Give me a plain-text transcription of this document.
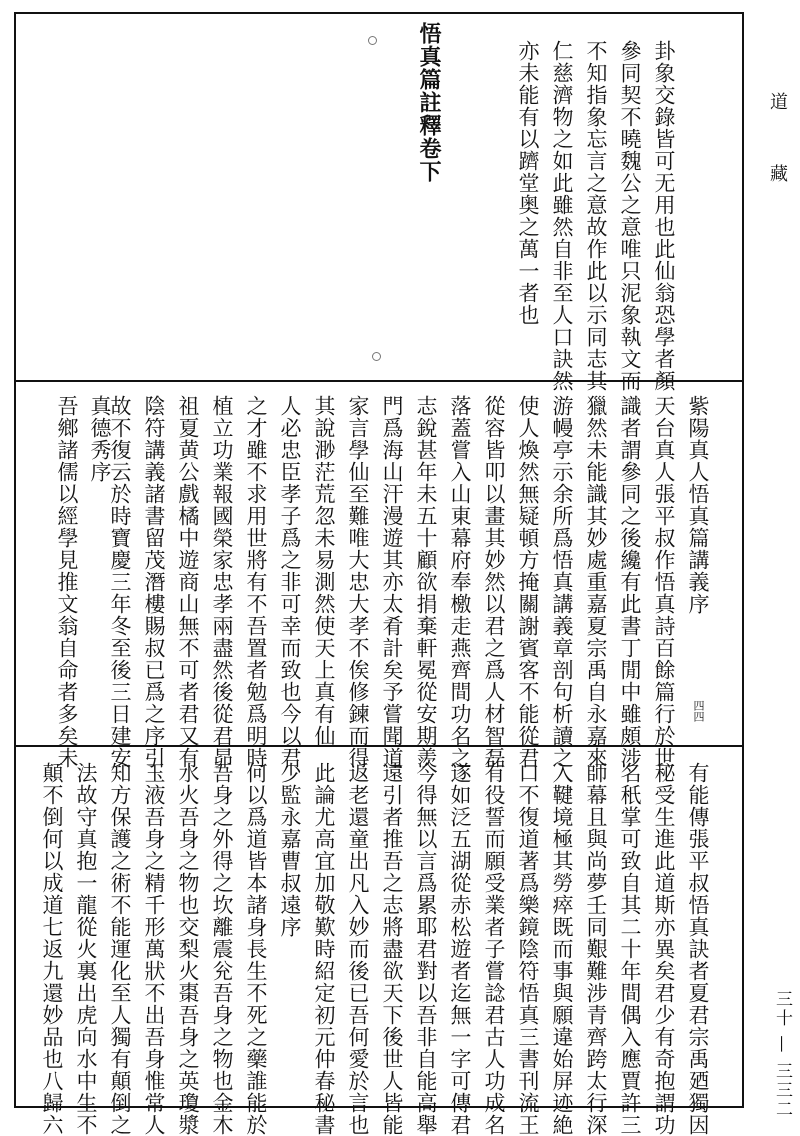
道　藏
三十 — 三三二
卦象交錄皆可无用也此仙翁恐學者顏
參同契不曉魏公之意唯只泥象執文而
不知指象忘言之意故作此以示同志其
仁慈濟物之如此雖然自非至人口訣然
亦未能有以躋堂奥之萬一者也
悟真篇註釋卷下
紫陽真人悟真篇講義序
天台真人張平叔作悟真詩百餘篇行於世
識者謂參同之後纔有此書丁閒中雖頗涉
獵然未能識其妙處重嘉夏宗禹自永嘉來
游幔亭示余所爲悟真講義章剖句析讀之
使人煥然無疑頓方掩關謝賓客不能從君
從容皆叩以畫其妙然以君之爲人材智磊
落蓋嘗入山東幕府奉檄走燕齊間功名之
志銳甚年未五十顧欲捐棄軒冕從安期羨
門爲海山汗漫遊其亦太肴計矣予嘗聞道
家言學仙至難唯大忠大孝不俟修鍊而得
其說渺茫荒忽未易測然使天上真有仙
人必忠臣孝子爲之非可幸而致也今以君
之才雖不求用世將有不吾置者勉爲明時
植立功業報國榮家忠孝兩盡然後從君昴
祖夏黄公戲橘中遊商山無不可者君又有
陰符講義諸書留茂潛樓賜叔已爲之序引
故不復云於時寶慶三年冬至後三日建安
真德秀序
吾鄉諸儒以經學見推文翁自命者多矣未	四四
有能傳張平叔悟真訣者夏君宗禹廼獨因
秘受生進此道斯亦異矣君少有奇抱謂功
名秖掌可致自其二十年間偶入應賈許三
師幕且與尚夢壬同艱難涉青齊跨太行深
入鞬境極其勞瘁既而事與願違始屏迹絶
口不復道著爲樂鏡陰符悟真三書刊流王
有役誓而願受業者子嘗諗君古人功成名
遂如泛五湖從赤松遊者迄無一字可傳君
今得無以言爲累耶君對以吾非自能高舉
遠引者推吾之志將盡欲天下後世人皆能
返老還童出凡入妙而後已吾何愛於言也
此論尤高宜加敬歎時紹定初元仲春秘書
少監永嘉曹叔遠序
何以爲道皆本諸身長生不死之藥誰能於
吾身之外得之坎離震兊吾身之物也金木
水火吾身之物也交梨火棗吾身之英瓊漿
玉液吾身之精千形萬狀不出吾身惟常人
知方保護之術不能運化至人獨有顛倒之
法故守真抱一龍從火裏出虎向水中生不
顛不倒何以成道七返九還妙品也八歸六
